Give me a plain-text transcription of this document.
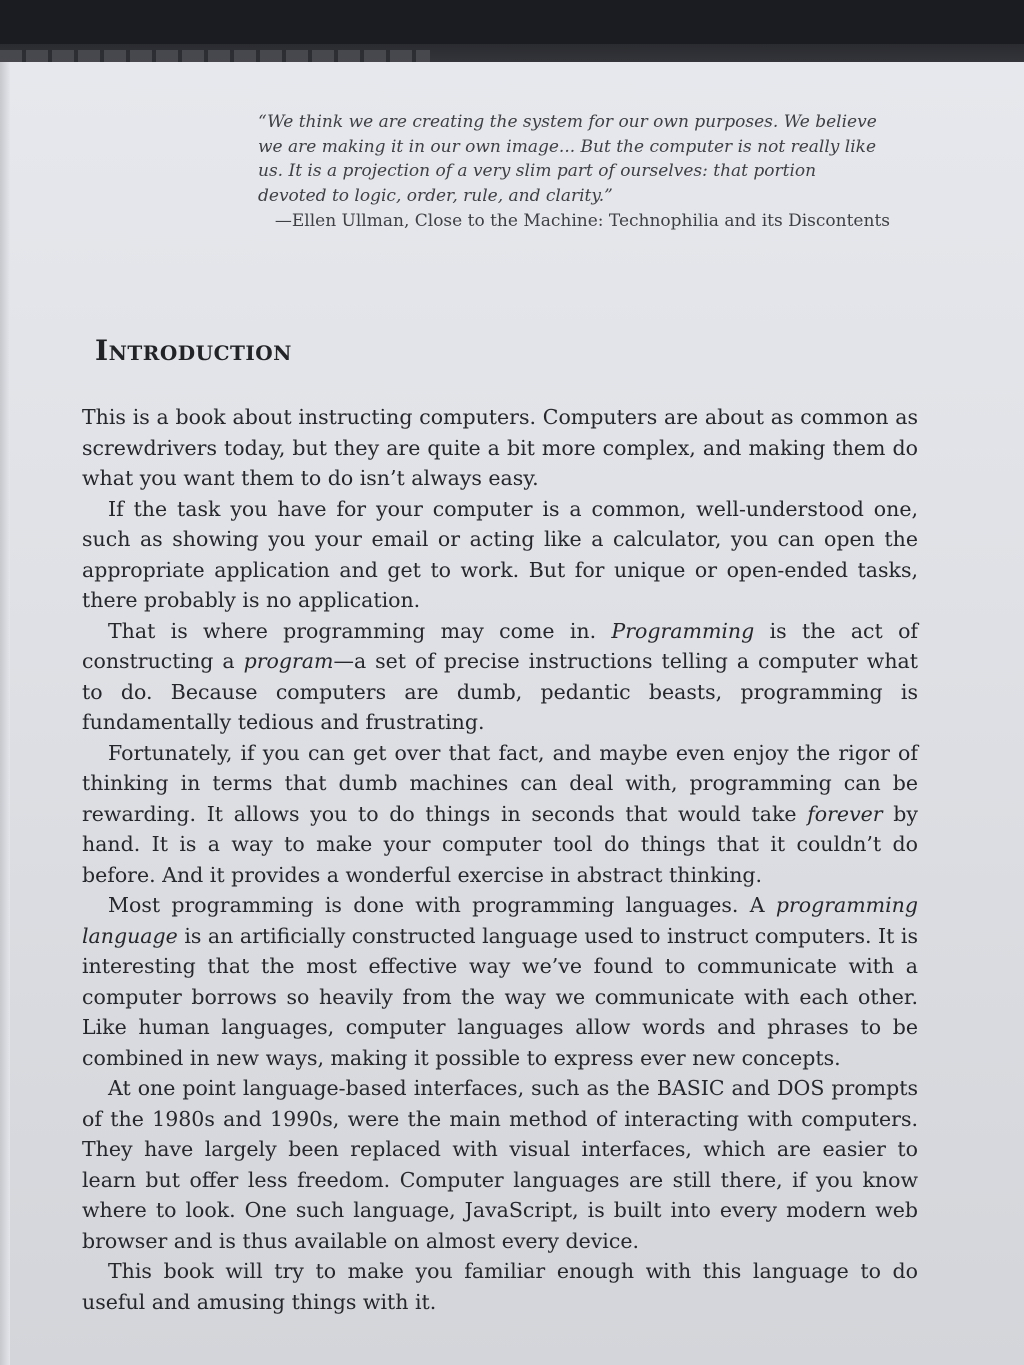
“We think we are creating the system for our own purposes. We believe we are making it in our own image... But the computer is not really like us. It is a projection of a very slim part of ourselves: that portion devoted to logic, order, rule, and clarity.”

—Ellen Ullman, Close to the Machine: Technophilia and its Discontents

Introduction

This is a book about instructing computers. Computers are about as common as screwdrivers today, but they are quite a bit more complex, and making them do what you want them to do isn’t always easy.

If the task you have for your computer is a common, well-understood one, such as showing you your email or acting like a calculator, you can open the appropriate application and get to work. But for unique or open-ended tasks, there probably is no application.

That is where programming may come in. Programming is the act of constructing a program—a set of precise instructions telling a computer what to do. Because computers are dumb, pedantic beasts, programming is fundamentally tedious and frustrating.

Fortunately, if you can get over that fact, and maybe even enjoy the rigor of thinking in terms that dumb machines can deal with, programming can be rewarding. It allows you to do things in seconds that would take forever by hand. It is a way to make your computer tool do things that it couldn’t do before. And it provides a wonderful exercise in abstract thinking.

Most programming is done with programming languages. A programming language is an artificially constructed language used to instruct computers. It is interesting that the most effective way we’ve found to communicate with a computer borrows so heavily from the way we communicate with each other. Like human languages, computer languages allow words and phrases to be combined in new ways, making it possible to express ever new concepts.

At one point language-based interfaces, such as the BASIC and DOS prompts of the 1980s and 1990s, were the main method of interacting with computers. They have largely been replaced with visual interfaces, which are easier to learn but offer less freedom. Computer languages are still there, if you know where to look. One such language, JavaScript, is built into every modern web browser and is thus available on almost every device.

This book will try to make you familiar enough with this language to do useful and amusing things with it.
